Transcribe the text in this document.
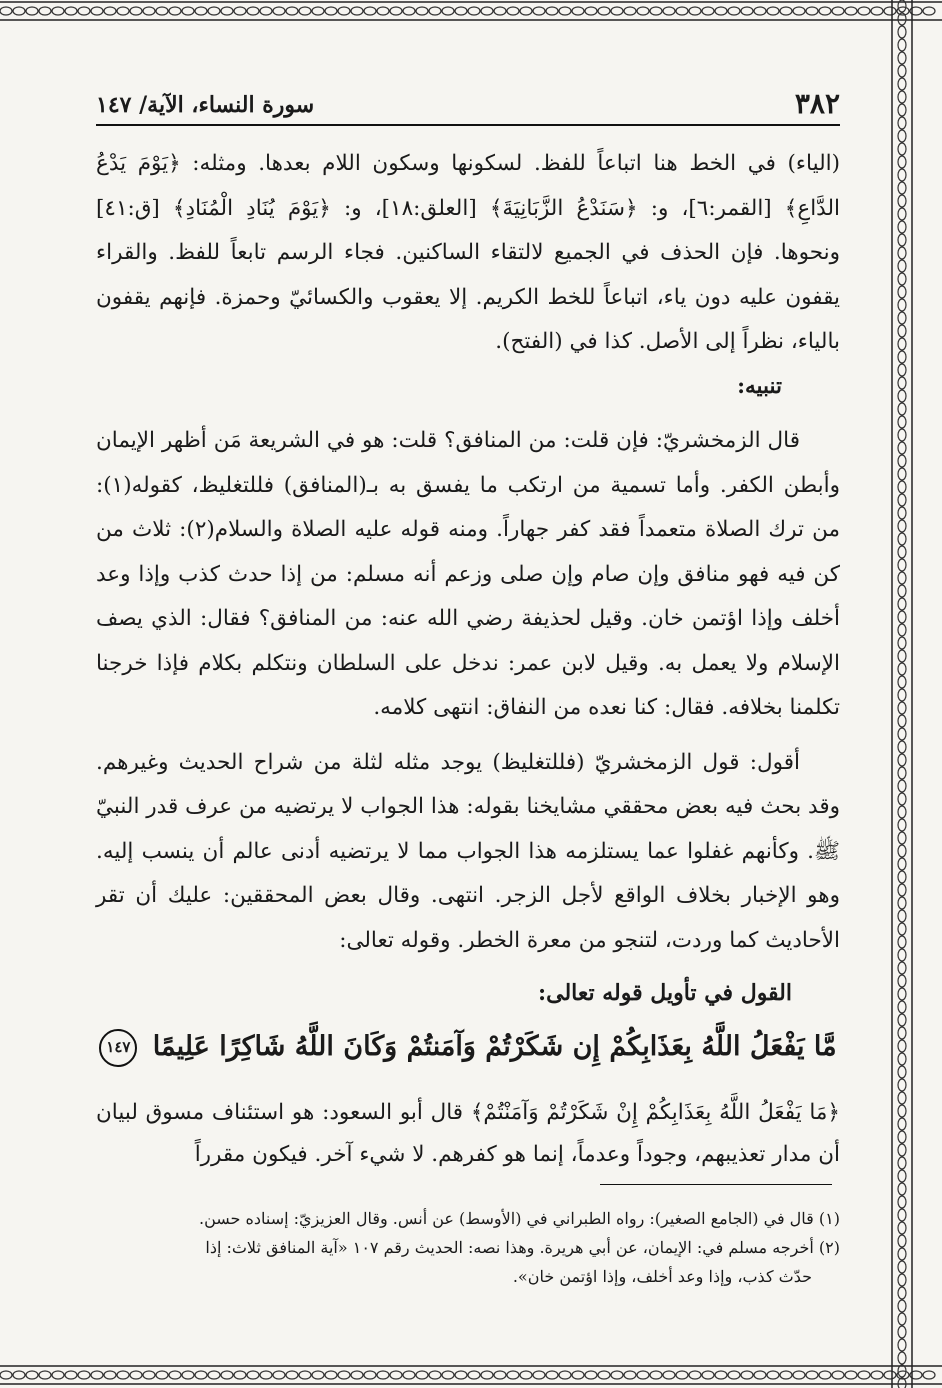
٣٨٢
سورة النساء، الآية/ ١٤٧

(الياء) في الخط هنا اتباعاً للفظ. لسكونها وسكون اللام بعدها. ومثله: ﴿يَوْمَ يَدْعُ الدَّاعِ﴾ [القمر:٦]، و: ﴿سَنَدْعُ الزَّبَانِيَةَ﴾ [العلق:١٨]، و: ﴿يَوْمَ يُنَادِ الْمُنَادِ﴾ [ق:٤١] ونحوها. فإن الحذف في الجميع لالتقاء الساكنين. فجاء الرسم تابعاً للفظ. والقراء يقفون عليه دون ياء، اتباعاً للخط الكريم. إلا يعقوب والكسائيّ وحمزة. فإنهم يقفون بالياء، نظراً إلى الأصل. كذا في (الفتح).

تنبيه:

قال الزمخشريّ: فإن قلت: من المنافق؟ قلت: هو في الشريعة مَن أظهر الإيمان وأبطن الكفر. وأما تسمية من ارتكب ما يفسق به بـ(المنافق) فللتغليظ، كقوله(١): من ترك الصلاة متعمداً فقد كفر جهاراً. ومنه قوله عليه الصلاة والسلام(٢): ثلاث من كن فيه فهو منافق وإن صام وإن صلى وزعم أنه مسلم: من إذا حدث كذب وإذا وعد أخلف وإذا اؤتمن خان. وقيل لحذيفة رضي الله عنه: من المنافق؟ فقال: الذي يصف الإسلام ولا يعمل به. وقيل لابن عمر: ندخل على السلطان ونتكلم بكلام فإذا خرجنا تكلمنا بخلافه. فقال: كنا نعده من النفاق: انتهى كلامه.

أقول: قول الزمخشريّ (فللتغليظ) يوجد مثله لثلة من شراح الحديث وغيرهم. وقد بحث فيه بعض محققي مشايخنا بقوله: هذا الجواب لا يرتضيه من عرف قدر النبيّ ﷺ. وكأنهم غفلوا عما يستلزمه هذا الجواب مما لا يرتضيه أدنى عالم أن ينسب إليه. وهو الإخبار بخلاف الواقع لأجل الزجر. انتهى. وقال بعض المحققين: عليك أن تقر الأحاديث كما وردت، لتنجو من معرة الخطر. وقوله تعالى:

القول في تأويل قوله تعالى:
مَّا يَفْعَلُ اللَّهُ بِعَذَابِكُمْ إِن شَكَرْتُمْ وَآمَنتُمْ وَكَانَ اللَّهُ شَاكِرًا عَلِيمًا ١٤٧
﴿مَا يَفْعَلُ اللَّهُ بِعَذَابِكُمْ إِنْ شَكَرْتُمْ وَآمَنْتُمْ﴾ قال أبو السعود: هو استئناف مسوق لبيان أن مدار تعذيبهم، وجوداً وعدماً، إنما هو كفرهم. لا شيء آخر. فيكون مقرراً

(١) قال في (الجامع الصغير): رواه الطبراني في (الأوسط) عن أنس. وقال العزيزيّ: إسناده حسن.

(٢) أخرجه مسلم في: الإيمان، عن أبي هريرة. وهذا نصه: الحديث رقم ١٠٧ «آية المنافق ثلاث: إذا

حدّث كذب، وإذا وعد أخلف، وإذا اؤتمن خان».
